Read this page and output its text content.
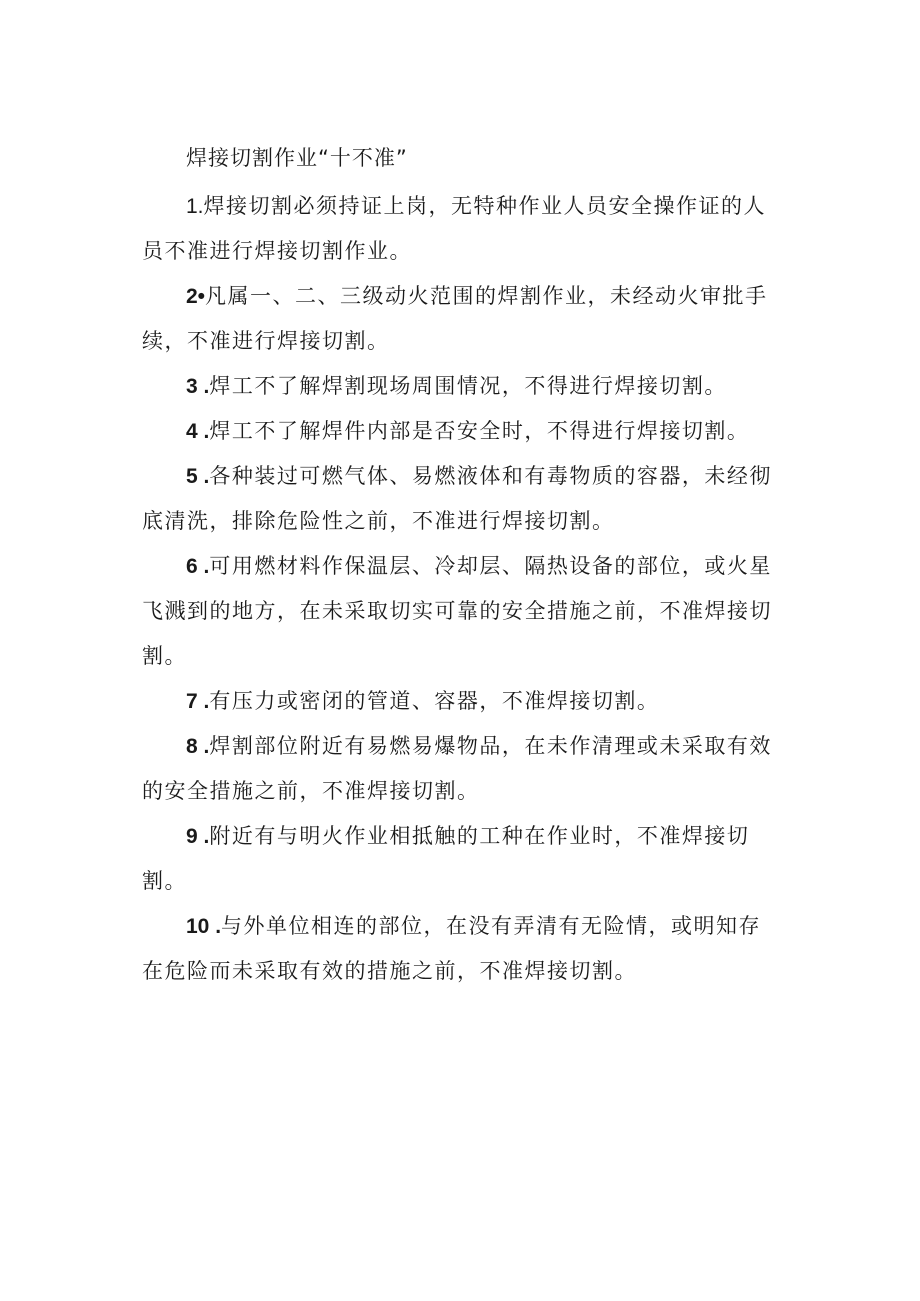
焊接切割作业“十不准”

1.焊接切割必须持证上岗，无特种作业人员安全操作证的人员不准进行焊接切割作业。

2•凡属一、二、三级动火范围的焊割作业，未经动火审批手续，不准进行焊接切割。

3 .焊工不了解焊割现场周围情况，不得进行焊接切割。

4 .焊工不了解焊件内部是否安全时，不得进行焊接切割。

5 .各种装过可燃气体、易燃液体和有毒物质的容器，未经彻底清洗，排除危险性之前，不准进行焊接切割。

6 .可用燃材料作保温层、冷却层、隔热设备的部位，或火星飞溅到的地方，在未采取切实可靠的安全措施之前，不准焊接切割。

7 .有压力或密闭的管道、容器，不准焊接切割。

8 .焊割部位附近有易燃易爆物品，在未作清理或未采取有效的安全措施之前，不准焊接切割。

9 .附近有与明火作业相抵触的工种在作业时，不准焊接切割。

10 .与外单位相连的部位，在没有弄清有无险情，或明知存在危险而未采取有效的措施之前，不准焊接切割。
